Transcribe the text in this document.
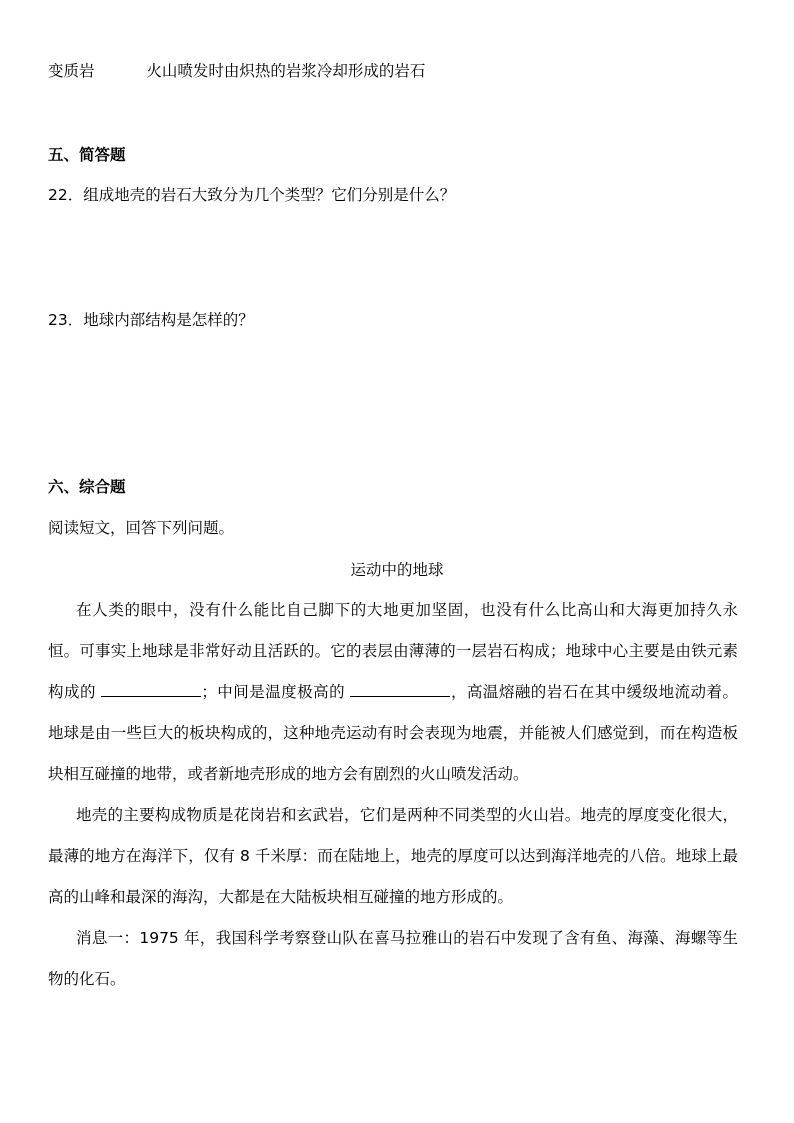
变质岩	火山喷发时由炽热的岩浆冷却形成的岩石
五、简答题
22．组成地壳的岩石大致分为几个类型？它们分别是什么？
23．地球内部结构是怎样的？
六、综合题
阅读短文，回答下列问题。
运动中的地球

在人类的眼中，没有什么能比自己脚下的大地更加坚固，也没有什么比高山和大海更加持久永恒。可事实上地球是非常好动且活跃的。它的表层由薄薄的一层岩石构成；地球中心主要是由铁元素构成的	；中间是温度极高的	，高温熔融的岩石在其中缓级地流动着。地球是由一些巨大的板块构成的，这种地壳运动有时会表现为地震，并能被人们感觉到，而在构造板块相互碰撞的地带，或者新地壳形成的地方会有剧烈的火山喷发活动。

地壳的主要构成物质是花岗岩和玄武岩，它们是两种不同类型的火山岩。地壳的厚度变化很大，最薄的地方在海洋下，仅有 8 千米厚：而在陆地上，地壳的厚度可以达到海洋地壳的八倍。地球上最高的山峰和最深的海沟，大都是在大陆板块相互碰撞的地方形成的。

消息一：1975 年，我国科学考察登山队在喜马拉雅山的岩石中发现了含有鱼、海藻、海螺等生物的化石。
